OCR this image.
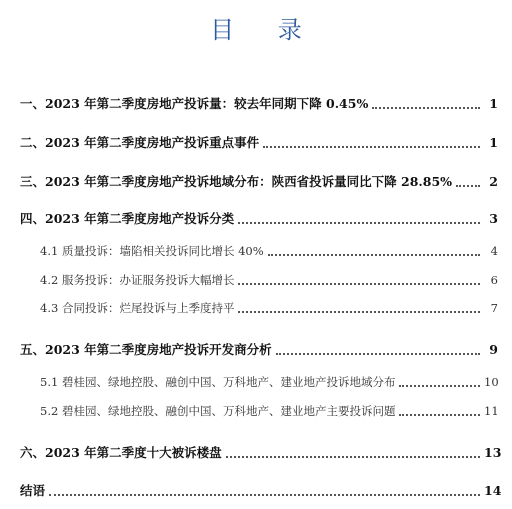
目 录
一、2023 年第二季度房地产投诉量：较去年同期下降 0.45%	1
二、2023 年第二季度房地产投诉重点事件	1
三、2023 年第二季度房地产投诉地域分布：陕西省投诉量同比下降 28.85%	2
四、2023 年第二季度房地产投诉分类	3
4.1 质量投诉：墙陷相关投诉同比增长 40%	4
4.2 服务投诉：办证服务投诉大幅增长	6
4.3 合同投诉：烂尾投诉与上季度持平	7
五、2023 年第二季度房地产投诉开发商分析	9
5.1 碧桂园、绿地控股、融创中国、万科地产、建业地产投诉地域分布	10
5.2 碧桂园、绿地控股、融创中国、万科地产、建业地产主要投诉问题	11
六、2023 年第二季度十大被诉楼盘	13
结语	14
